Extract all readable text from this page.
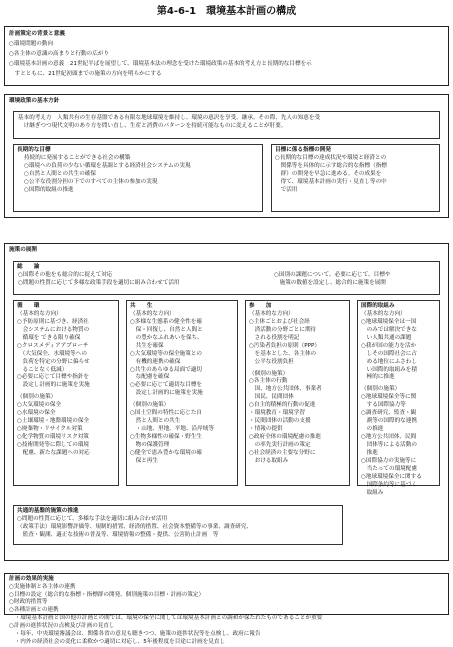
第4-6-1　環境基本計画の構成
計画策定の背景と意義
○環境問題の動向
○各主体の意識の高まりと行動の広がり
○環境基本計画の意義　21世紀半ばを展望して、環境基本法の理念を受けた環境政策の基本的考え方と長期的な目標を示
　すとともに、21世紀初頭までの施策の方向を明らかにする
環境政策の基本方針
基本的考え方　人類共有の生存基盤である有限な地球環境を維持し、環境の恵沢を享受、継承。その際、先人の知恵を受
　け継ぎつつ現代文明のあり方を問い直し、生産と消費のパターンを持続可能なものに変えることが肝要。
長期的な目標
持続的に発展することができる社会の構築
○環境への負荷の少ない循環を基調とする経済社会システムの実現
○自然と人間との共生の確保
○公平な役割分担の下でのすべての主体の参加の実現
○国際的取組の推進
目標に係る指標の開発
○長期的な目標の達成状況や環境と経済との
　関係等を具体的に示す総合的な指標（指標
　群）の開発を早急に進める。その成果を
　得て、環境基本計画の実行・見直し等の中
　で活用
施策の展開
総　　論
○国際その他をも総合的に捉えて対応
○問題の性質に応じて多様な政策手段を適切に組み合わせて活用
○国別の課題について、必要に応じて、目標や
　施策の数値を設定し、総合的に施策を展開
循　　環
（基本的な方向）
○予防原則に基づき、経済社
　会システムにおける物質の
　循環を できる限り確保
○クロスメディアアプローチ
　（大気保全、水環境等への
　負荷を特定の分野に偏らせ
　ることなく低減）
○必要に応じて目標や指針を
　設定し計画的に施策を実施
（個別の施策）
○大気環境の保全
○水環境の保全
○土壌環境・地盤環境の保全
○廃棄物・リサイクル対策
○化学物質の環境リスク対策
○技術開発等に際しての環境
　配慮、新たな課題への対応
共　　生
（基本的な方向）
○多様な生態系の健全性を確
　保・回復し、自然と人間と
　の豊かなふれあいを保ち、
　共生を確保
○大気環境等の保全施策との
　有機的連携の確保
○共生のあらゆる局面で適切
　な配慮を確保
○必要に応じて適切な目標を
　設定し計画的に施策を実施
（個別の施策）
○国土空間の特性に応じた自
　然と人間との共生
　・山地、里地、平地、沿岸域等
○生物多様性の確保・野生生
　物の保護管理
○健全で恵み豊かな環境の確
　保と再生
参　　加
（基本的な方向）
○主体ごとおよび社会経
　済活動の分野ごとに期待
　される役割を明記
○汚染者負担の原則（PPP）
　を基本とした、各主体の
　公平な役割負担
（個別の施策）
○各主体の行動
　国、地方公共団体、事業者
　国民、民間団体
○自主的積極的行動の促進
・環境教育・環境学習
・民間団体の活動の支援
・情報の提供
○政府全体の環境配慮の推進
　の率先実行計画の策定
○社会経済の主要な分野に
　おける取組み
国際的取組み
（基本的な方向）
○地球環境保全は一国
　のみでは解決できな
　い人類共通の課題
○我が国の能力を活か
　しその国際社会に占
　める地位にふさわし
　い国際的取組みを積
　極的に推進
（個別の施策）
○地球環境保全等に関
　する国際協力等
○調査研究、監査・観
　測等の国際的な連携
　の推進
○地方公共団体、民間
　団体等による活動の
　推進
○国際協力の実施等に
　当たっての環境配慮
○地球環境保全に関する
　国際条約等に基づく
　取組み
共通的基盤的施策の推進
○問題の性質に応じて、多様な手法を適切に組み合わせ活用
（政策手法）環境影響評価等、規制的措置、経済的措置、社会資本整備等の事業、調査研究、
　監査・観測、適正な技術の普及等、環境情報の整備・提供、公害防止計画　等
計画の効果的実施
○実施体制と各主体の連携
○目標の設定（総合的な指標・指標群の開発、個別施策の目標・計画の策定）
○財政的措置等
○各種計画との連携
　・環境基本計画と国の他の計画との間では、環境の保全に関しては環境基本計画との調和が保たれたものであることが重要
○計画の進捗状況の点検及び計画の見直し
　・毎年、中央環境審議会は、関係各省の意見も聴きつつ、施策の進捗状況等を点検し、政府に報告
　・内外の経済社会の変化に柔軟かつ適切に対応し、5年後程度を目途に計画を見直し
